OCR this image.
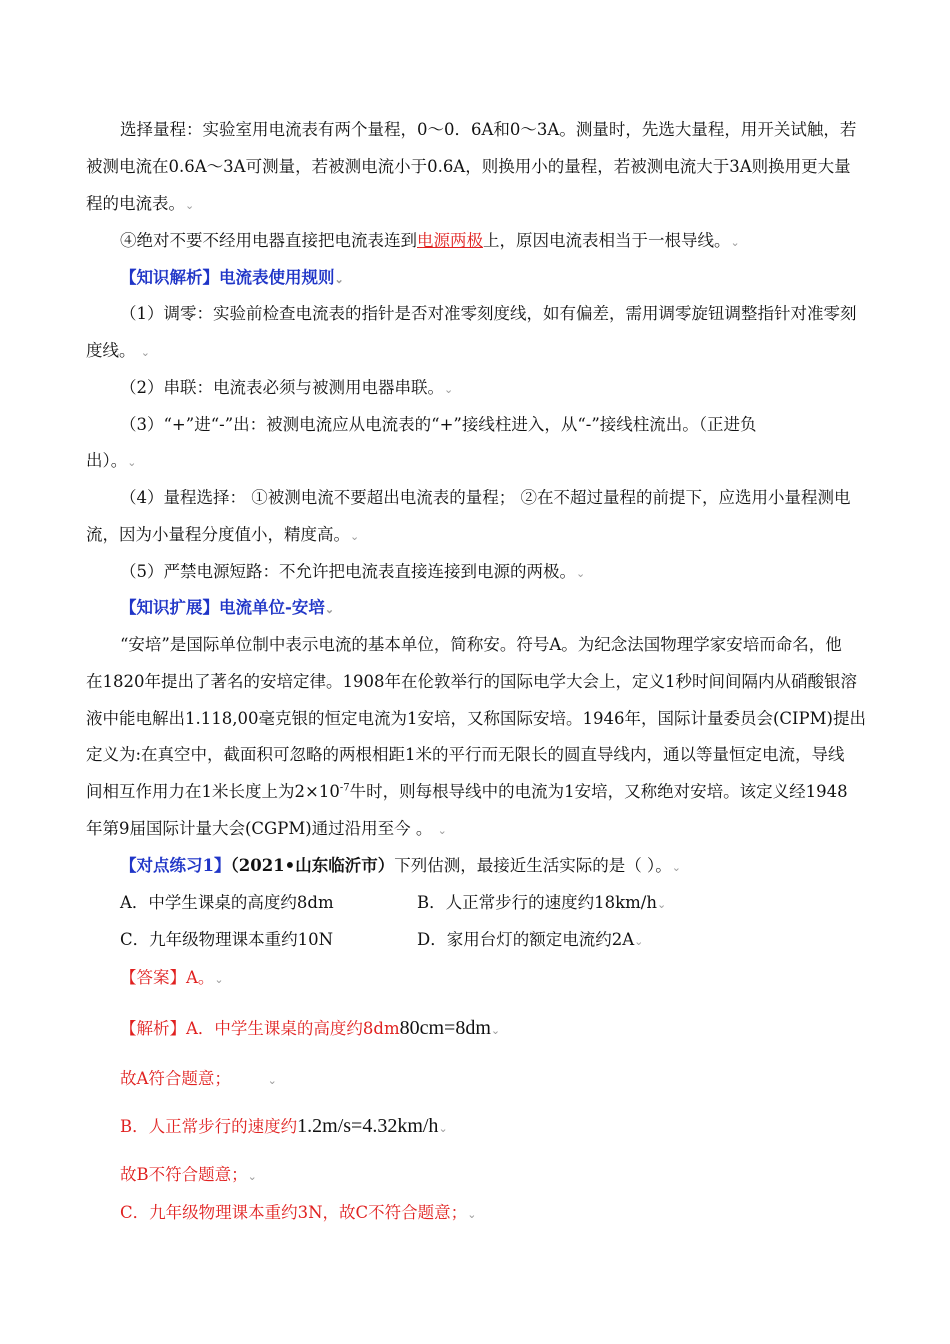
选择量程：实验室用电流表有两个量程，0～0．6A和0～3A。测量时，先选大量程，用开关试触，若
被测电流在0.6A～3A可测量，若被测电流小于0.6A，则换用小的量程，若被测电流大于3A则换用更大量
程的电流表。⌄
④绝对不要不经用电器直接把电流表连到电源两极上，原因电流表相当于一根导线。⌄
【知识解析】电流表使用规则⌄
（1）调零：实验前检查电流表的指针是否对准零刻度线，如有偏差，需用调零旋钮调整指针对准零刻
度线。 ⌄
（2）串联：电流表必须与被测用电器串联。⌄
（3）“+”进“-”出：被测电流应从电流表的“+”接线柱进入，从“-”接线柱流出。（正进负
出）。⌄
（4）量程选择： ①被测电流不要超出电流表的量程； ②在不超过量程的前提下，应选用小量程测电
流，因为小量程分度值小，精度高。⌄
（5）严禁电源短路：不允许把电流表直接连接到电源的两极。⌄
【知识扩展】电流单位-安培⌄
“安培”是国际单位制中表示电流的基本单位，简称安。符号A。为纪念法国物理学家安培而命名，他
在1820年提出了著名的安培定律。1908年在伦敦举行的国际电学大会上，定义1秒时间间隔内从硝酸银溶
液中能电解出1.118,00毫克银的恒定电流为1安培，又称国际安培。1946年，国际计量委员会(CIPM)提出
定义为:在真空中，截面积可忽略的两根相距1米的平行而无限长的圆直导线内，通以等量恒定电流，导线
间相互作用力在1米长度上为$2\times 10^{-7}$牛时，则每根导线中的电流为1安培，又称绝对安培。该定义经1948
年第9届国际计量大会(CGPM)通过沿用至今 。 ⌄
【对点练习1】（2021•山东临沂市）下列估测，最接近生活实际的是（ ）。⌄
A．中学生课桌的高度约8dm	B．人正常步行的速度约18km/h⌄
C．九年级物理课本重约10N	D．家用台灯的额定电流约2A⌄
【答案】A。⌄
【解析】A．中学生课桌的高度约8dm80cm=8dm⌄
故A符合题意；	⌄
B．人正常步行的速度约1.2m/s=4.32km/h⌄
故B不符合题意；⌄
C．九年级物理课本重约3N，故C不符合题意；⌄
